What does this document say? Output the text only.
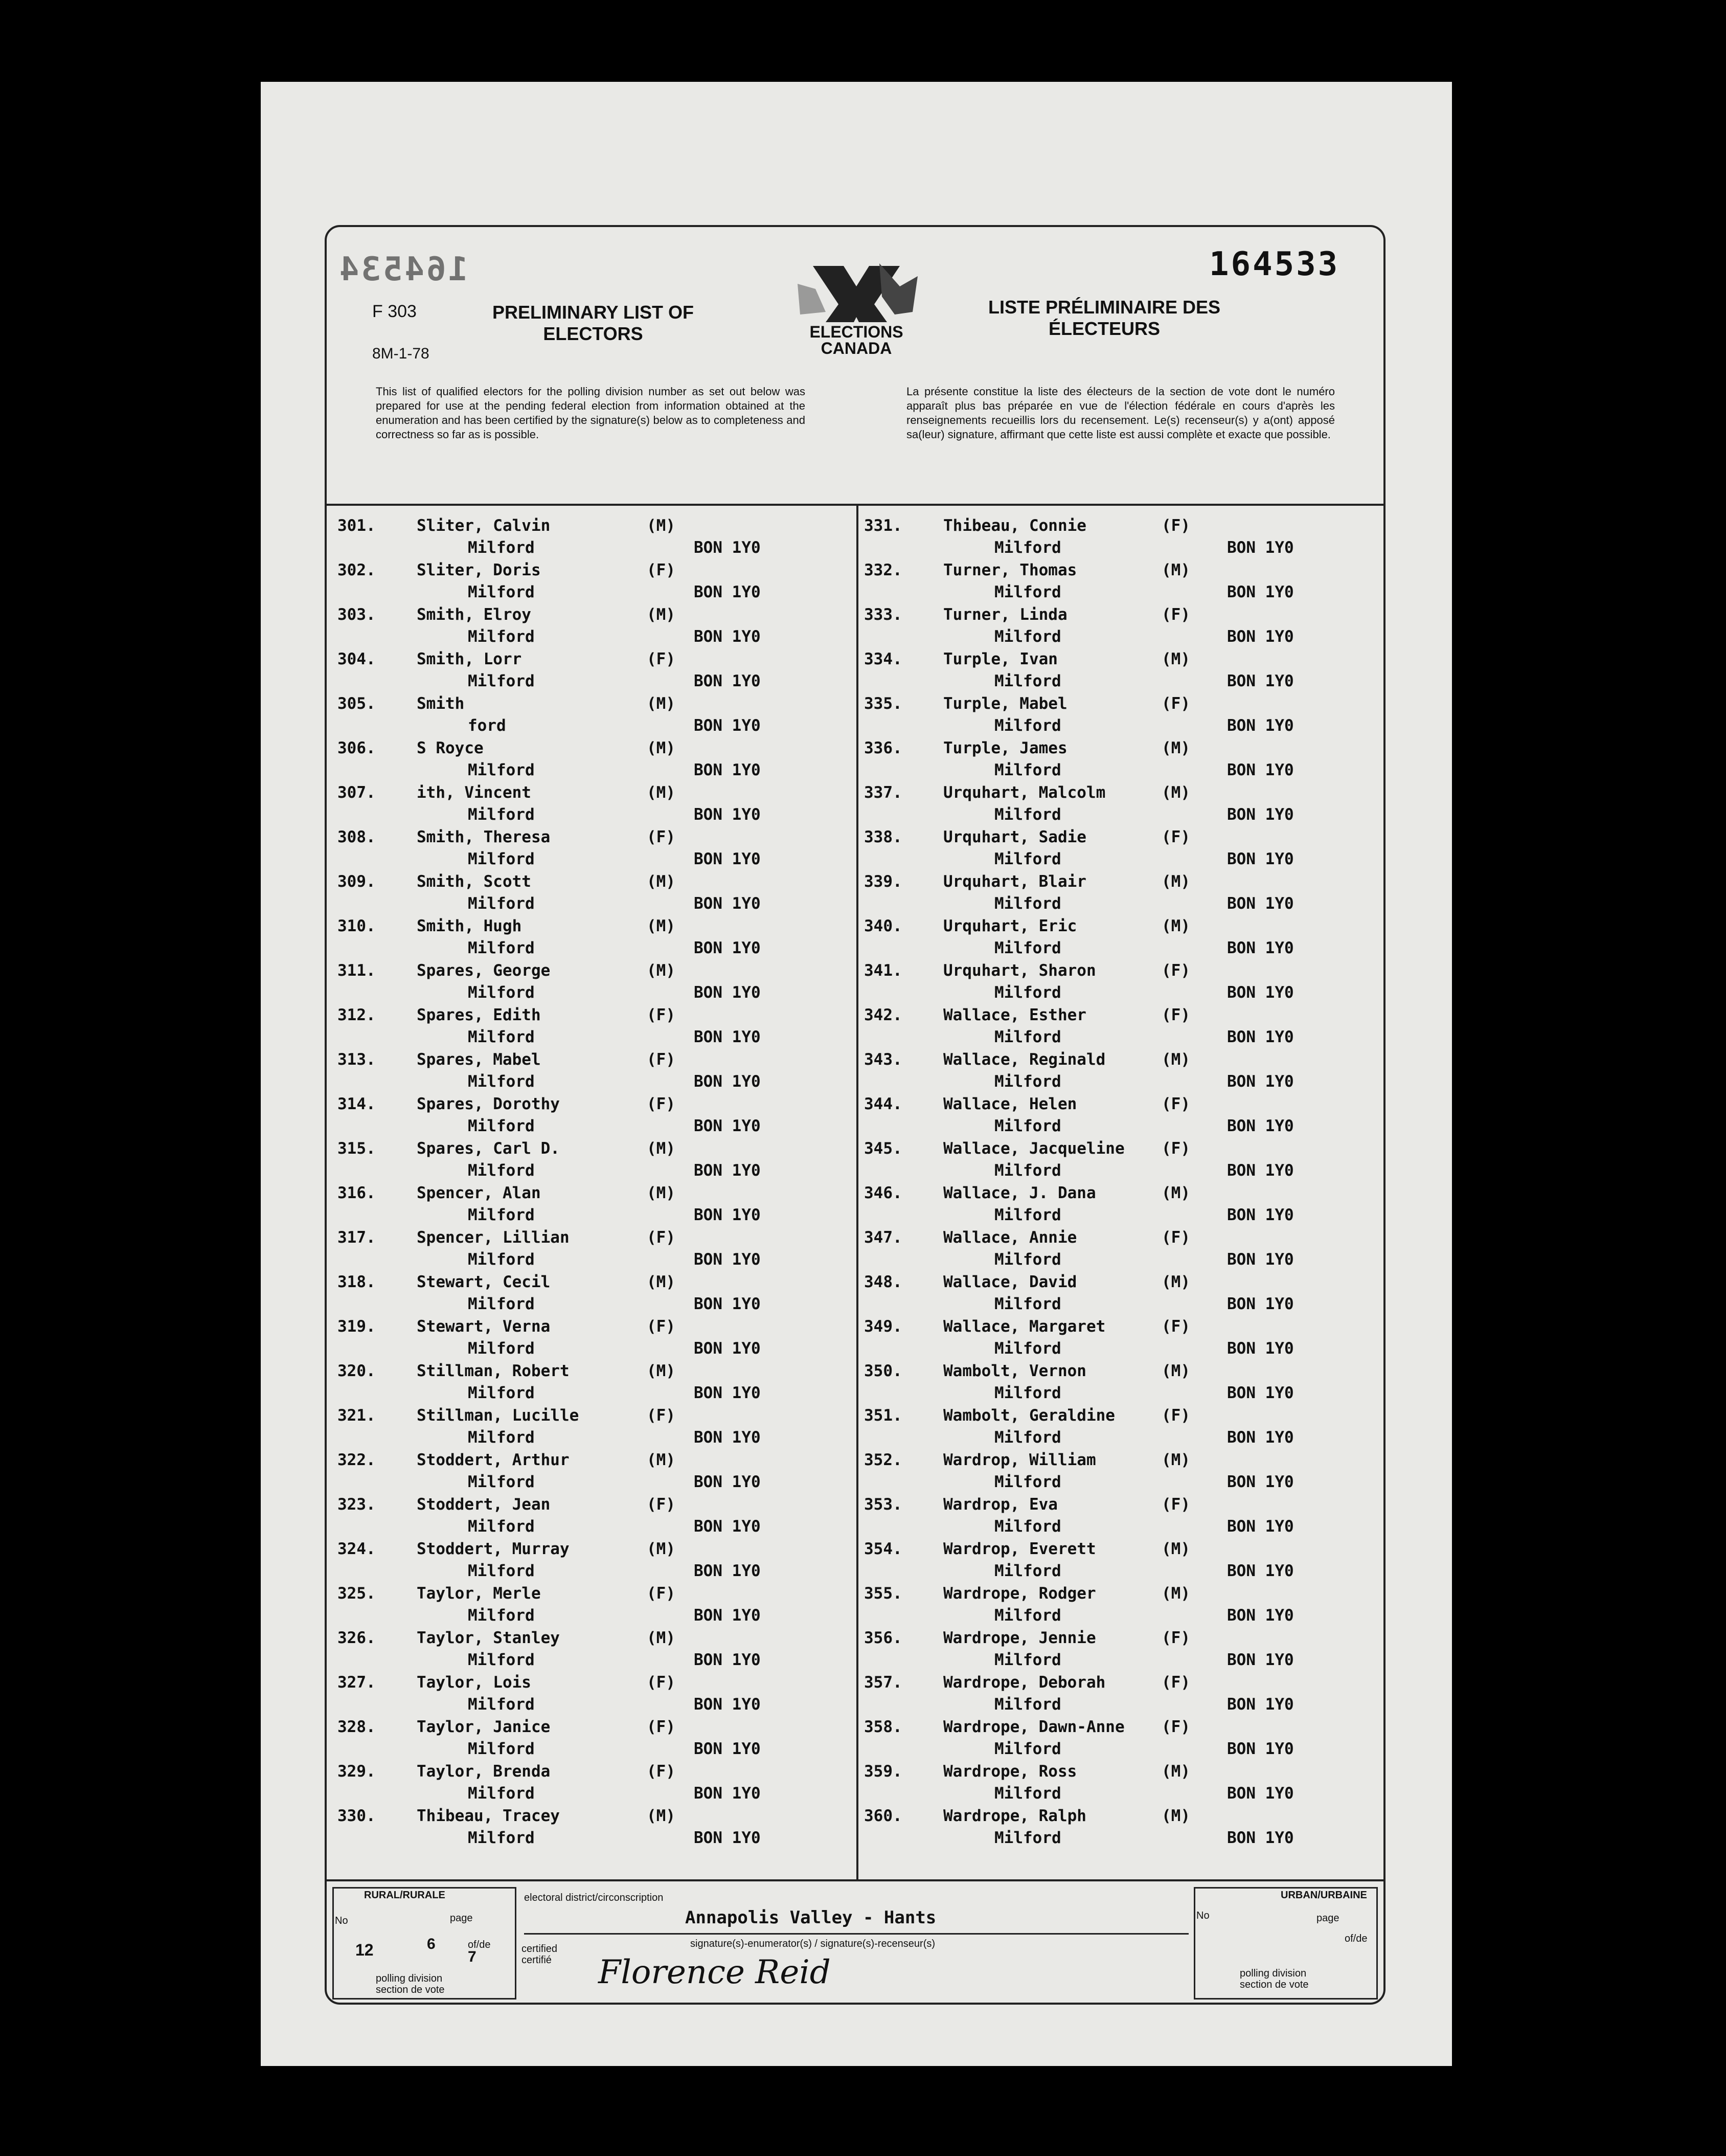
164534	164533
F 303
8M-1-78
PRELIMINARY LIST OF ELECTORS
LISTE PRÉLIMINAIRE DES ÉLECTEURS
ELECTIONS
CANADA
This list of qualified electors for the polling division number as set out below was prepared for use at the pending federal election from information obtained at the enumeration and has been certified by the signature(s) below as to completeness and correctness so far as is possible.
La présente constitue la liste des électeurs de la section de vote dont le numéro apparaît plus bas préparée en vue de l'élection fédérale en cours d'après les renseignements recueillis lors du recensement. Le(s) recenseur(s) y a(ont) apposé sa(leur) signature, affirmant que cette liste est aussi complète et exacte que possible.
301.	Sliter, Calvin	(M)
Milford	BON 1Y0
302.	Sliter, Doris	(F)
Milford	BON 1Y0
303.	Smith, Elroy	(M)
Milford	BON 1Y0
304.	Smith, Lorr	(F)
Milford	BON 1Y0
305.	Smith	(M)
ford	BON 1Y0
306.	S Royce	(M)
Milford	BON 1Y0
307.	ith, Vincent	(M)
Milford	BON 1Y0
308.	Smith, Theresa	(F)
Milford	BON 1Y0
309.	Smith, Scott	(M)
Milford	BON 1Y0
310.	Smith, Hugh	(M)
Milford	BON 1Y0
311.	Spares, George	(M)
Milford	BON 1Y0
312.	Spares, Edith	(F)
Milford	BON 1Y0
313.	Spares, Mabel	(F)
Milford	BON 1Y0
314.	Spares, Dorothy	(F)
Milford	BON 1Y0
315.	Spares, Carl D.	(M)
Milford	BON 1Y0
316.	Spencer, Alan	(M)
Milford	BON 1Y0
317.	Spencer, Lillian	(F)
Milford	BON 1Y0
318.	Stewart, Cecil	(M)
Milford	BON 1Y0
319.	Stewart, Verna	(F)
Milford	BON 1Y0
320.	Stillman, Robert	(M)
Milford	BON 1Y0
321.	Stillman, Lucille	(F)
Milford	BON 1Y0
322.	Stoddert, Arthur	(M)
Milford	BON 1Y0
323.	Stoddert, Jean	(F)
Milford	BON 1Y0
324.	Stoddert, Murray	(M)
Milford	BON 1Y0
325.	Taylor, Merle	(F)
Milford	BON 1Y0
326.	Taylor, Stanley	(M)
Milford	BON 1Y0
327.	Taylor, Lois	(F)
Milford	BON 1Y0
328.	Taylor, Janice	(F)
Milford	BON 1Y0
329.	Taylor, Brenda	(F)
Milford	BON 1Y0
330.	Thibeau, Tracey	(M)
Milford	BON 1Y0
331.	Thibeau, Connie	(F)
Milford	BON 1Y0
332.	Turner, Thomas	(M)
Milford	BON 1Y0
333.	Turner, Linda	(F)
Milford	BON 1Y0
334.	Turple, Ivan	(M)
Milford	BON 1Y0
335.	Turple, Mabel	(F)
Milford	BON 1Y0
336.	Turple, James	(M)
Milford	BON 1Y0
337.	Urquhart, Malcolm	(M)
Milford	BON 1Y0
338.	Urquhart, Sadie	(F)
Milford	BON 1Y0
339.	Urquhart, Blair	(M)
Milford	BON 1Y0
340.	Urquhart, Eric	(M)
Milford	BON 1Y0
341.	Urquhart, Sharon	(F)
Milford	BON 1Y0
342.	Wallace, Esther	(F)
Milford	BON 1Y0
343.	Wallace, Reginald	(M)
Milford	BON 1Y0
344.	Wallace, Helen	(F)
Milford	BON 1Y0
345.	Wallace, Jacqueline (F)
Milford	BON 1Y0
346.	Wallace, J. Dana	(M)
Milford	BON 1Y0
347.	Wallace, Annie	(F)
Milford	BON 1Y0
348.	Wallace, David	(M)
Milford	BON 1Y0
349.	Wallace, Margaret	(F)
Milford	BON 1Y0
350.	Wambolt, Vernon	(M)
Milford	BON 1Y0
351.	Wambolt, Geraldine	(F)
Milford	BON 1Y0
352.	Wardrop, William	(M)
Milford	BON 1Y0
353.	Wardrop, Eva	(F)
Milford	BON 1Y0
354.	Wardrop, Everett	(M)
Milford	BON 1Y0
355.	Wardrope, Rodger	(M)
Milford	BON 1Y0
356.	Wardrope, Jennie	(F)
Milford	BON 1Y0
357.	Wardrope, Deborah	(F)
Milford	BON 1Y0
358.	Wardrope, Dawn-Anne (F)
Milford	BON 1Y0
359.	Wardrope, Ross	(M)
Milford	BON 1Y0
360.	Wardrope, Ralph	(M)
Milford	BON 1Y0
RURAL/RURALE
No	page
of/de
12	6
7
polling division section de vote
electoral district/circonscription
Annapolis Valley - Hants
signature(s)-enumerator(s) / signature(s)-recenseur(s)
certified certifié	Florence Reid
URBAN/URBAINE
No	page
of/de
polling division section de vote
